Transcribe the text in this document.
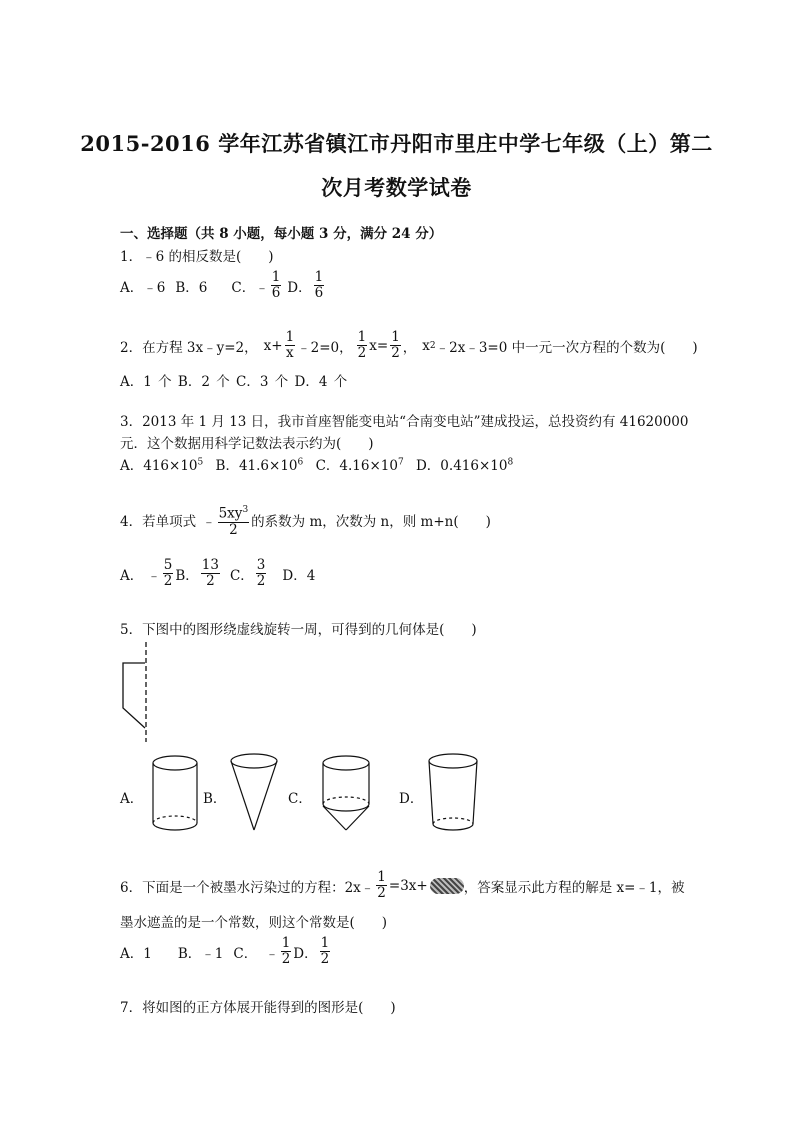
2015-2016 学年江苏省镇江市丹阳市里庄中学七年级（上）第二
次月考数学试卷
一、选择题（共 8 小题，每小题 3 分，满分 24 分）
1．﹣6 的相反数是(　　)
A．﹣6 B．6 C． ﹣ $\frac{1}{6}$ D． $\frac{1}{6}$
2．在方程 3x﹣y=2， $x+ \frac{1}{x}$ ﹣2=0， $\frac{1}{2} x= \frac{1}{2}$ ， x 2 ﹣2x﹣3=0 中一元一次方程的个数为(　　)
A．1 个 B．2 个 C．3 个 D．4 个
3．2013 年 1 月 13 日，我市首座智能变电站“合南变电站”建成投运，总投资约有 41620000
元．这个数据用科学记数法表示约为(　　)
A．$416\times 10^5$ B．$41.6\times 10^6$ C．$4.16\times 10^7$ D．$0.416\times 10^8$
4．若单项式 ﹣ $\frac{5xy^3}{2}$ 的系数为 m，次数为 n，则 m+n(　　)
A． ﹣ $\frac{5}{2}$ B． $\frac{13}{2}$ C． $\frac{3}{2}$ D．4
5．下图中的图形绕虚线旋转一周，可得到的几何体是(　　)
A．	B．	C．	D．
6．下面是一个被墨水污染过的方程：2x﹣ $\frac{1}{2} =3x+$	，答案显示此方程的解是 x=﹣1，被
墨水遮盖的是一个常数，则这个常数是(　　)
A．1 B．﹣1 C． ﹣ $\frac{1}{2}$ D． $\frac{1}{2}$
7．将如图的正方体展开能得到的图形是(　　)
